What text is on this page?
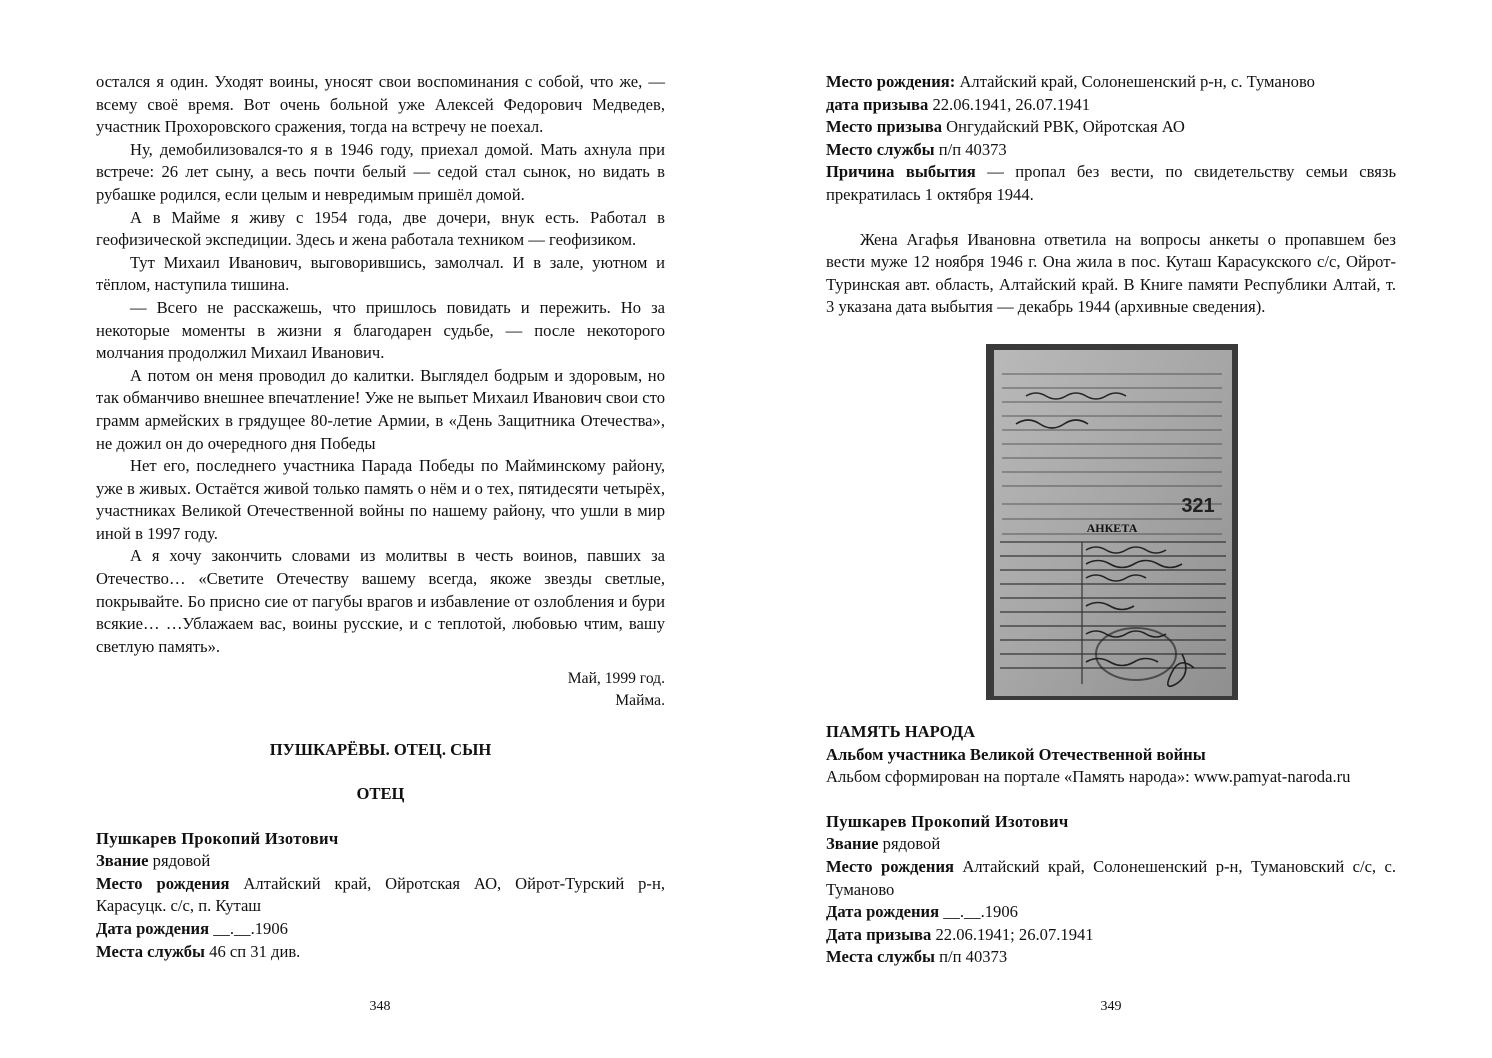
остался я один. Уходят воины, уносят свои воспоминания с собой, что же, — всему своё время. Вот очень больной уже Алексей Федорович Медведев, участник Прохоровского сражения, тогда на встречу не поехал.

Ну, демобилизовался-то я в 1946 году, приехал домой. Мать ахнула при встрече: 26 лет сыну, а весь почти белый — седой стал сынок, но видать в рубашке родился, если целым и невредимым пришёл домой.

А в Майме я живу с 1954 года, две дочери, внук есть. Работал в геофизической экспедиции. Здесь и жена работала техником — геофизиком.

Тут Михаил Иванович, выговорившись, замолчал. И в зале, уютном и тёплом, наступила тишина.

— Всего не расскажешь, что пришлось повидать и пережить. Но за некоторые моменты в жизни я благодарен судьбе, — после некоторого молчания продолжил Михаил Иванович.

А потом он меня проводил до калитки. Выглядел бодрым и здоровым, но так обманчиво внешнее впечатление! Уже не выпьет Михаил Иванович свои сто грамм армейских в грядущее 80-летие Армии, в «День Защитника Отечества», не дожил он до очередного дня Победы

Нет его, последнего участника Парада Победы по Майминскому району, уже в живых. Остаётся живой только память о нём и о тех, пятидесяти четырёх, участниках Великой Отечественной войны по нашему району, что ушли в мир иной в 1997 году.

А я хочу закончить словами из молитвы в честь воинов, павших за Отечество… «Светите Отечеству вашему всегда, якоже звезды светлые, покрывайте. Бо присно сие от пагубы врагов и избавление от озлобления и бури всякие… …Ублажаем вас, воины русские, и с теплотой, любовью чтим, вашу светлую память».

Май, 1999 год.
Майма.
ПУШКАРЁВЫ. ОТЕЦ. СЫН
ОТЕЦ
Пушкарев Прокопий Изотович

Звание рядовой

Место рождения Алтайский край, Ойротская АО, Ойрот-Турский р-н, Карасуцк. с/с, п. Куташ

Дата рождения __.__.1906

Места службы 46 сп 31 див.

348

Место рождения: Алтайский край, Солонешенский р-н, с. Туманово

дата призыва 22.06.1941, 26.07.1941

Место призыва Онгудайский РВК, Ойротская АО

Место службы п/п 40373

Причина выбытия — пропал без вести, по свидетельству семьи связь прекратилась 1 октября 1944.

Жена Агафья Ивановна ответила на вопросы анкеты о пропавшем без вести муже 12 ноября 1946 г. Она жила в пос. Куташ Карасукского с/с, Ойрот-Туринская авт. область, Алтайский край. В Книге памяти Республики Алтай, т. 3 указана дата выбытия — декабрь 1944 (архивные сведения).

АНКЕТА
321
ПАМЯТЬ НАРОДА
Альбом участника Великой Отечественной войны
Альбом сформирован на портале «Память народа»: www.pamyat-naroda.ru
Пушкарев Прокопий Изотович

Звание рядовой

Место рождения Алтайский край, Солонешенский р-н, Тумановский с/с, с. Туманово

Дата рождения __.__.1906

Дата призыва 22.06.1941; 26.07.1941

Места службы п/п 40373

349
